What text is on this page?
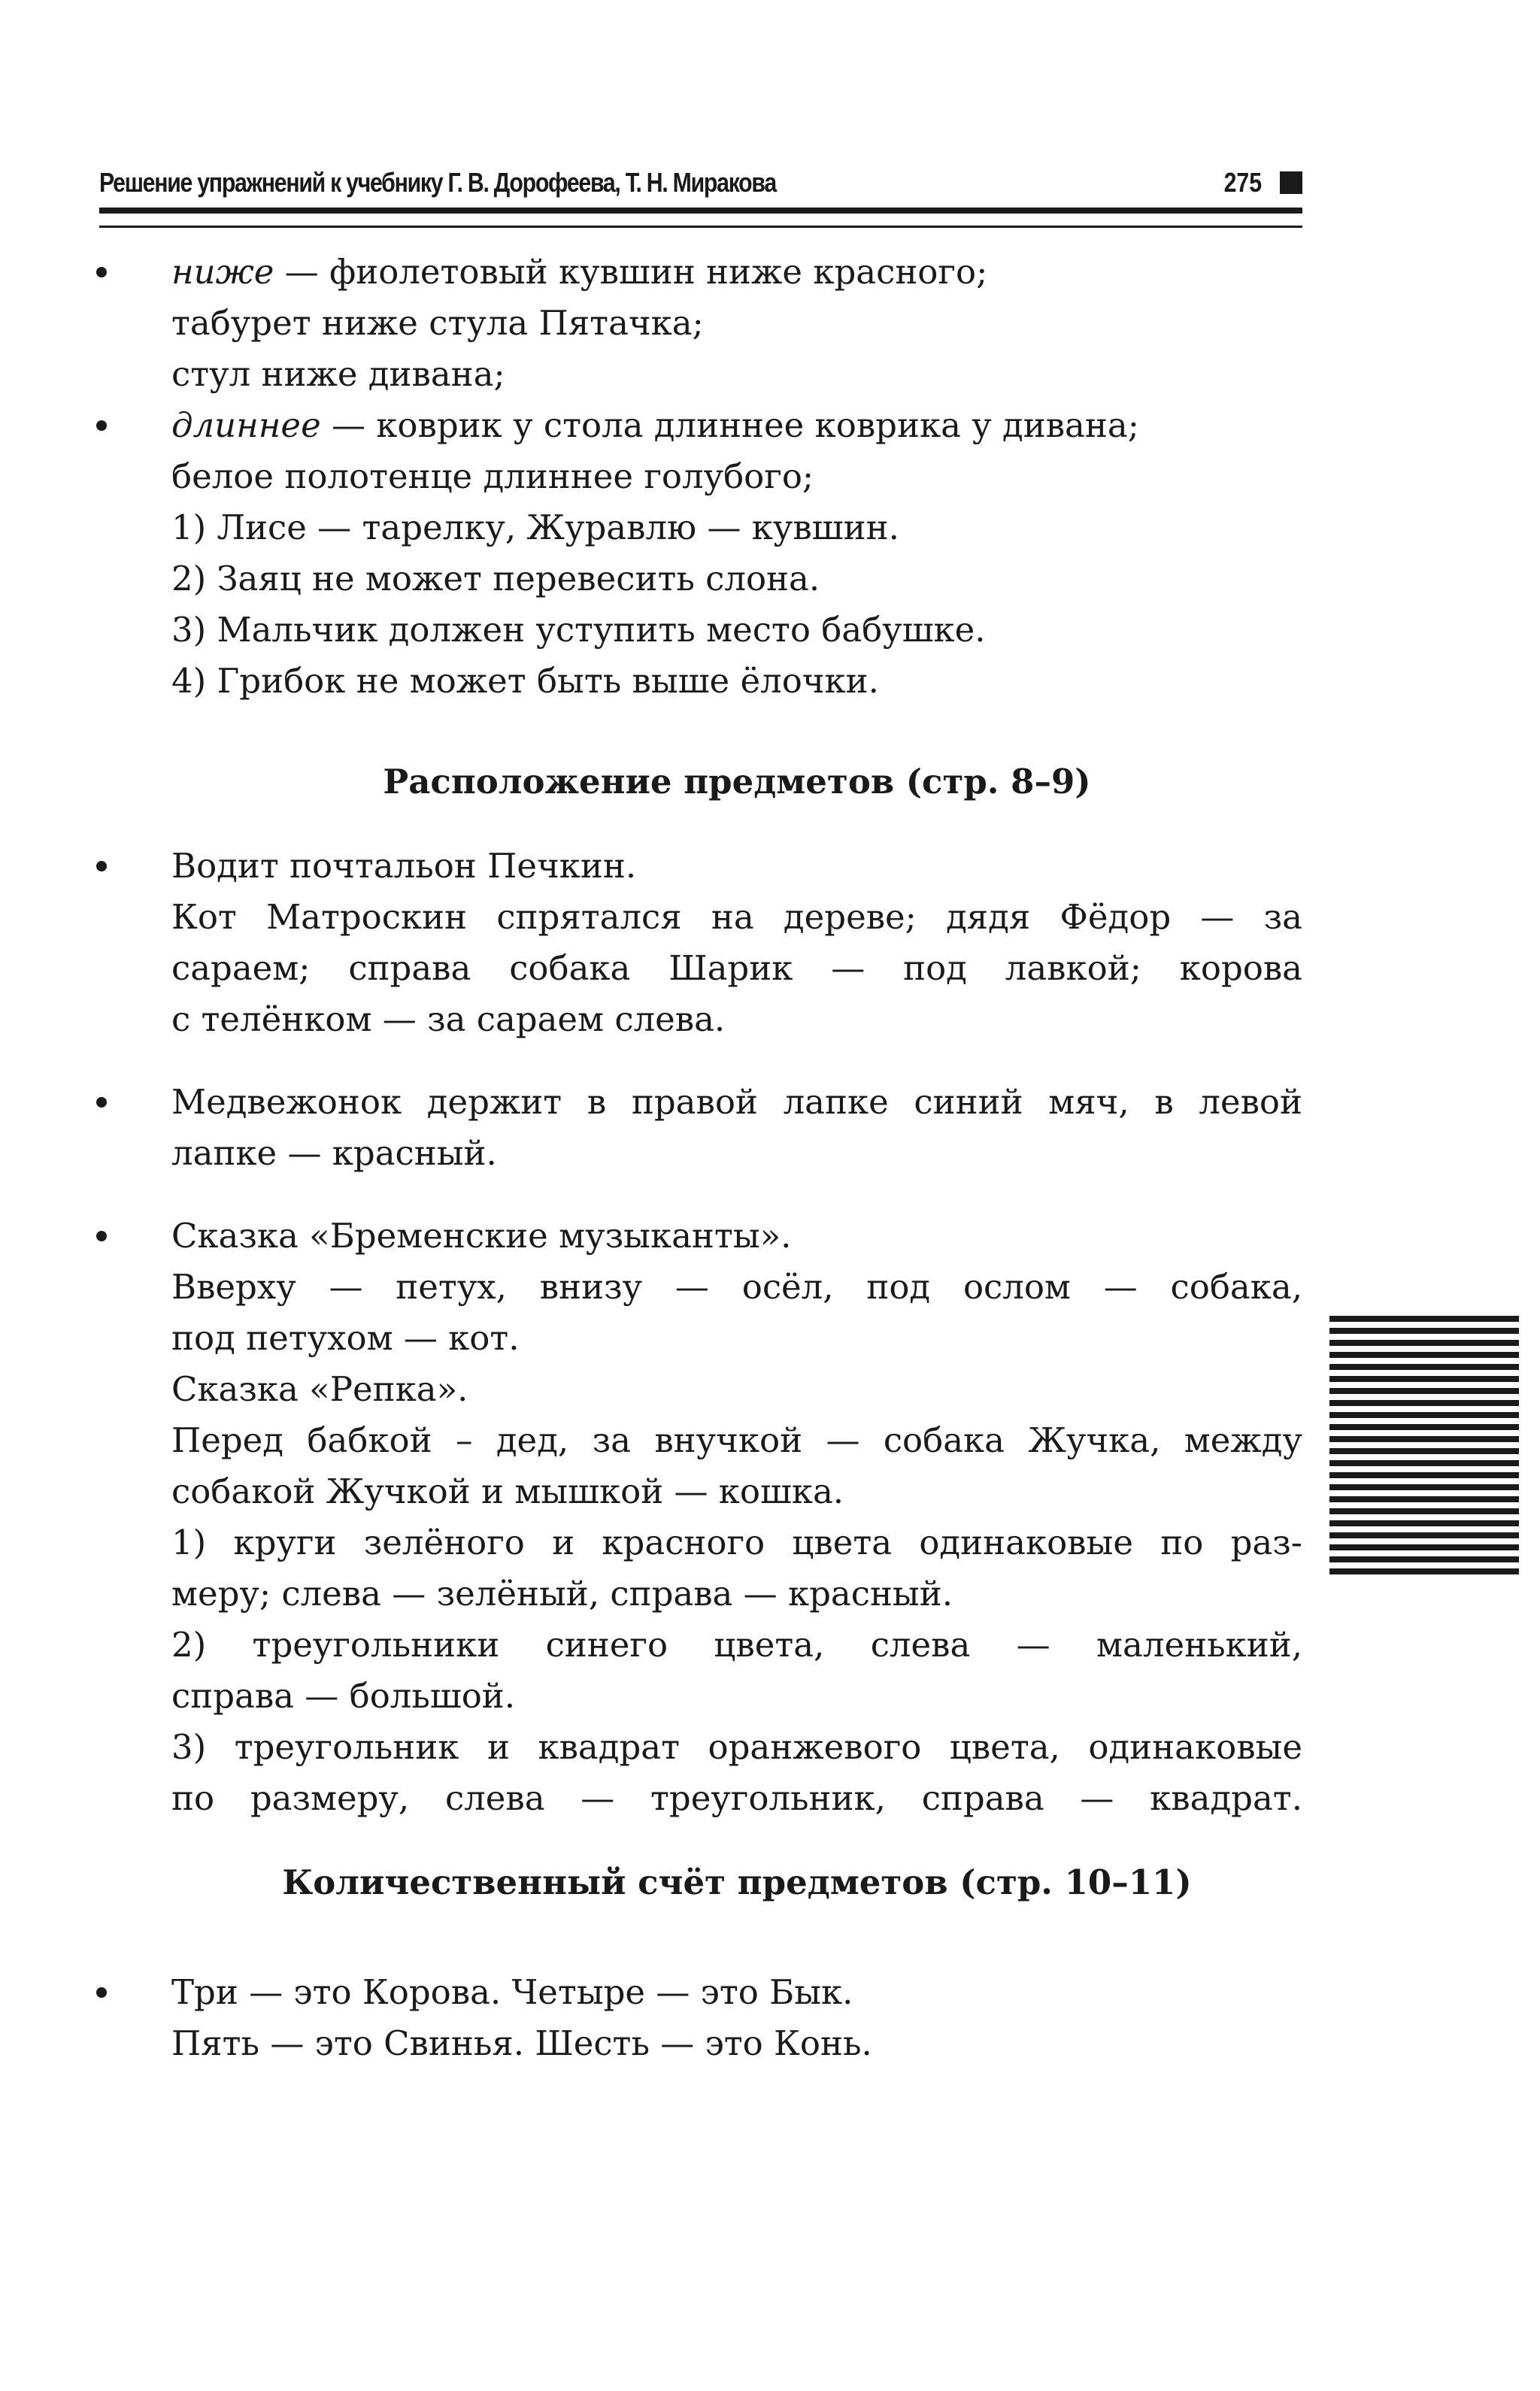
Решение упражнений к учебнику Г. В. Дорофеева, Т. Н. Миракова	275
ниже — фиолетовый кувшин ниже красного;
табурет ниже стула Пятачка;
стул ниже дивана;
длиннее — коврик у стола длиннее коврика у дивана;
белое полотенце длиннее голубого;
1) Лисе — тарелку, Журавлю — кувшин.
2) Заяц не может перевесить слона.
3) Мальчик должен уступить место бабушке.
4) Грибок не может быть выше ёлочки.
Расположение предметов (стр. 8–9)
Водит почтальон Печкин.
Кот Матроскин спрятался на дереве; дядя Фёдор — за
сараем; справа собака Шарик — под лавкой; корова
с телёнком — за сараем слева.
Медвежонок держит в правой лапке синий мяч, в левой
лапке — красный.
Сказка «Бременские музыканты».
Вверху — петух, внизу — осёл, под ослом — собака,
под петухом — кот.
Сказка «Репка».
Перед бабкой – дед, за внучкой — собака Жучка, между
собакой Жучкой и мышкой — кошка.
1) круги зелёного и красного цвета одинаковые по раз-
меру; слева — зелёный, справа — красный.
2) треугольники синего цвета, слева — маленький,
справа — большой.
3) треугольник и квадрат оранжевого цвета, одинаковые
по размеру, слева — треугольник, справа — квадрат.
Количественный счёт предметов (стр. 10–11)
Три — это Корова. Четыре — это Бык.
Пять — это Свинья. Шесть — это Конь.
